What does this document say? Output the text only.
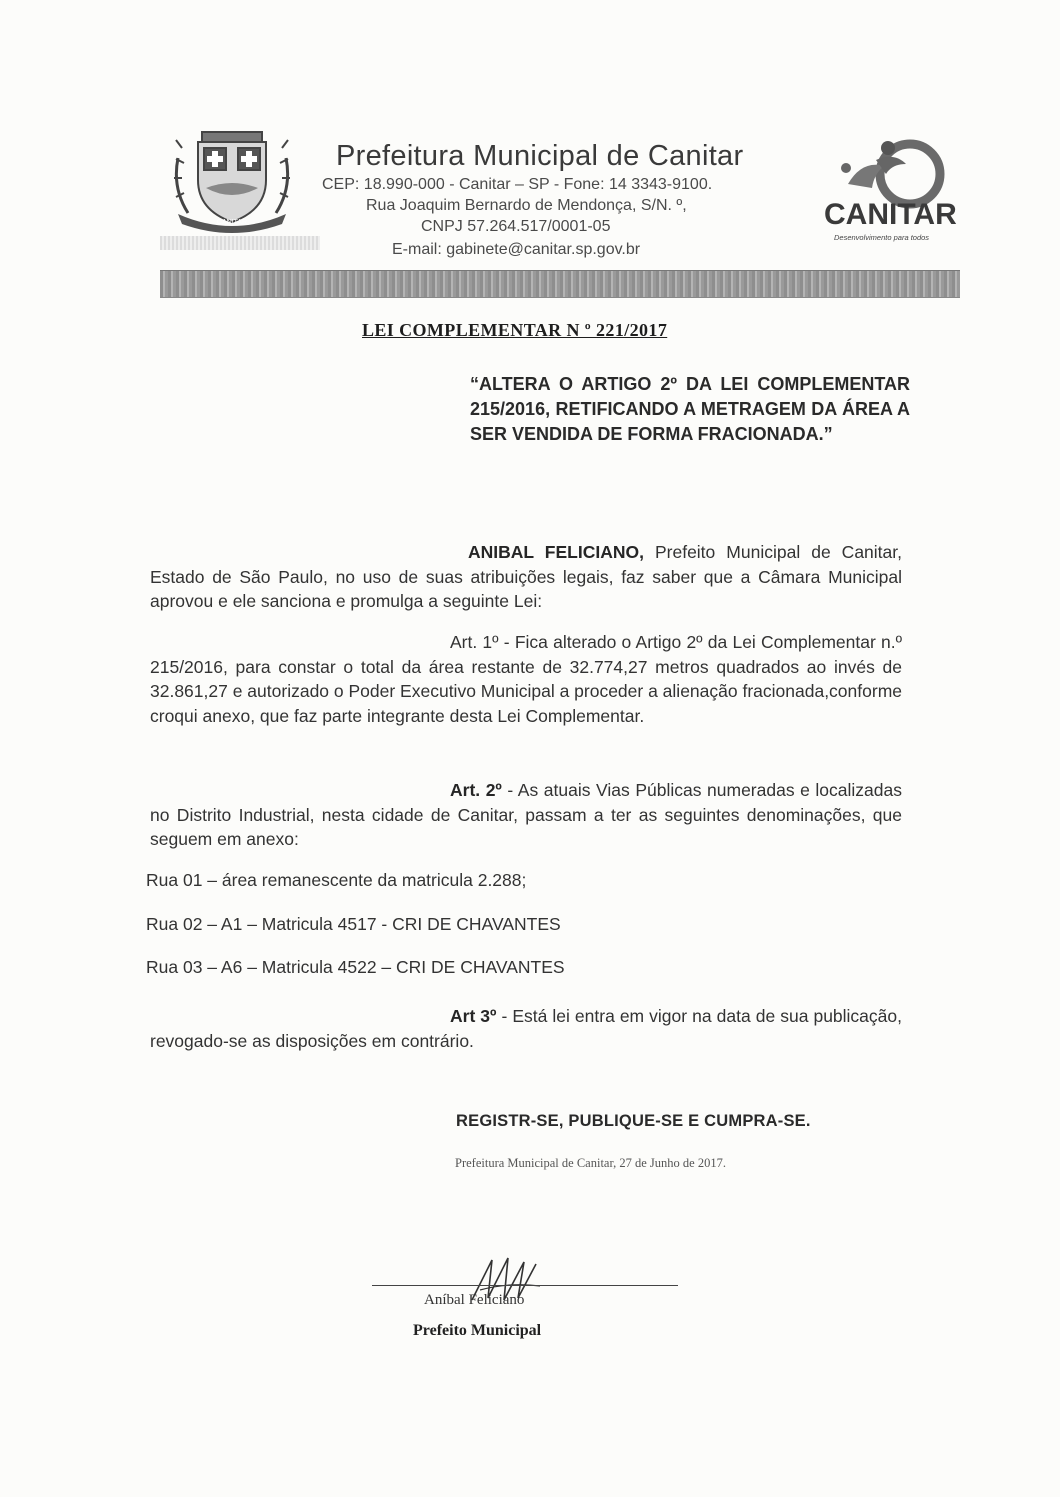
CANITAR
Prefeitura Municipal de Canitar
CEP: 18.990-000 - Canitar – SP - Fone: 14 3343-9100.
Rua Joaquim Bernardo de Mendonça, S/N. º,
CNPJ 57.264.517/0001-05
E-mail: gabinete@canitar.sp.gov.br
CANITAR
Desenvolvimento para todos
LEI COMPLEMENTAR N º 221/2017
“ALTERA O ARTIGO 2º DA LEI COMPLEMENTAR 215/2016, RETIFICANDO A METRAGEM DA ÁREA A SER VENDIDA DE FORMA FRACIONADA.”
ANIBAL FELICIANO, Prefeito Municipal de Canitar, Estado de São Paulo, no uso de suas atribuições legais, faz saber que a Câmara Municipal aprovou e ele sanciona e promulga a seguinte Lei:
Art. 1º - Fica alterado o Artigo 2º da Lei Complementar n.º 215/2016, para constar o total da área restante de 32.774,27 metros quadrados ao invés de 32.861,27 e autorizado o Poder Executivo Municipal a proceder a alienação fracionada,conforme croqui anexo, que faz parte integrante desta Lei Complementar.
Art. 2º - As atuais Vias Públicas numeradas e localizadas no Distrito Industrial, nesta cidade de Canitar, passam a ter as seguintes denominações, que seguem em anexo:
Rua 01 – área remanescente da matricula 2.288;
Rua 02 – A1 – Matricula 4517 - CRI DE CHAVANTES
Rua 03 – A6 – Matricula 4522 – CRI DE CHAVANTES
Art 3º - Está lei entra em vigor na data de sua publicação, revogado-se as disposições em contrário.
REGISTR-SE, PUBLIQUE-SE E CUMPRA-SE.
Prefeitura Municipal de Canitar, 27 de Junho de 2017.
Aníbal Feliciano
Prefeito Municipal
